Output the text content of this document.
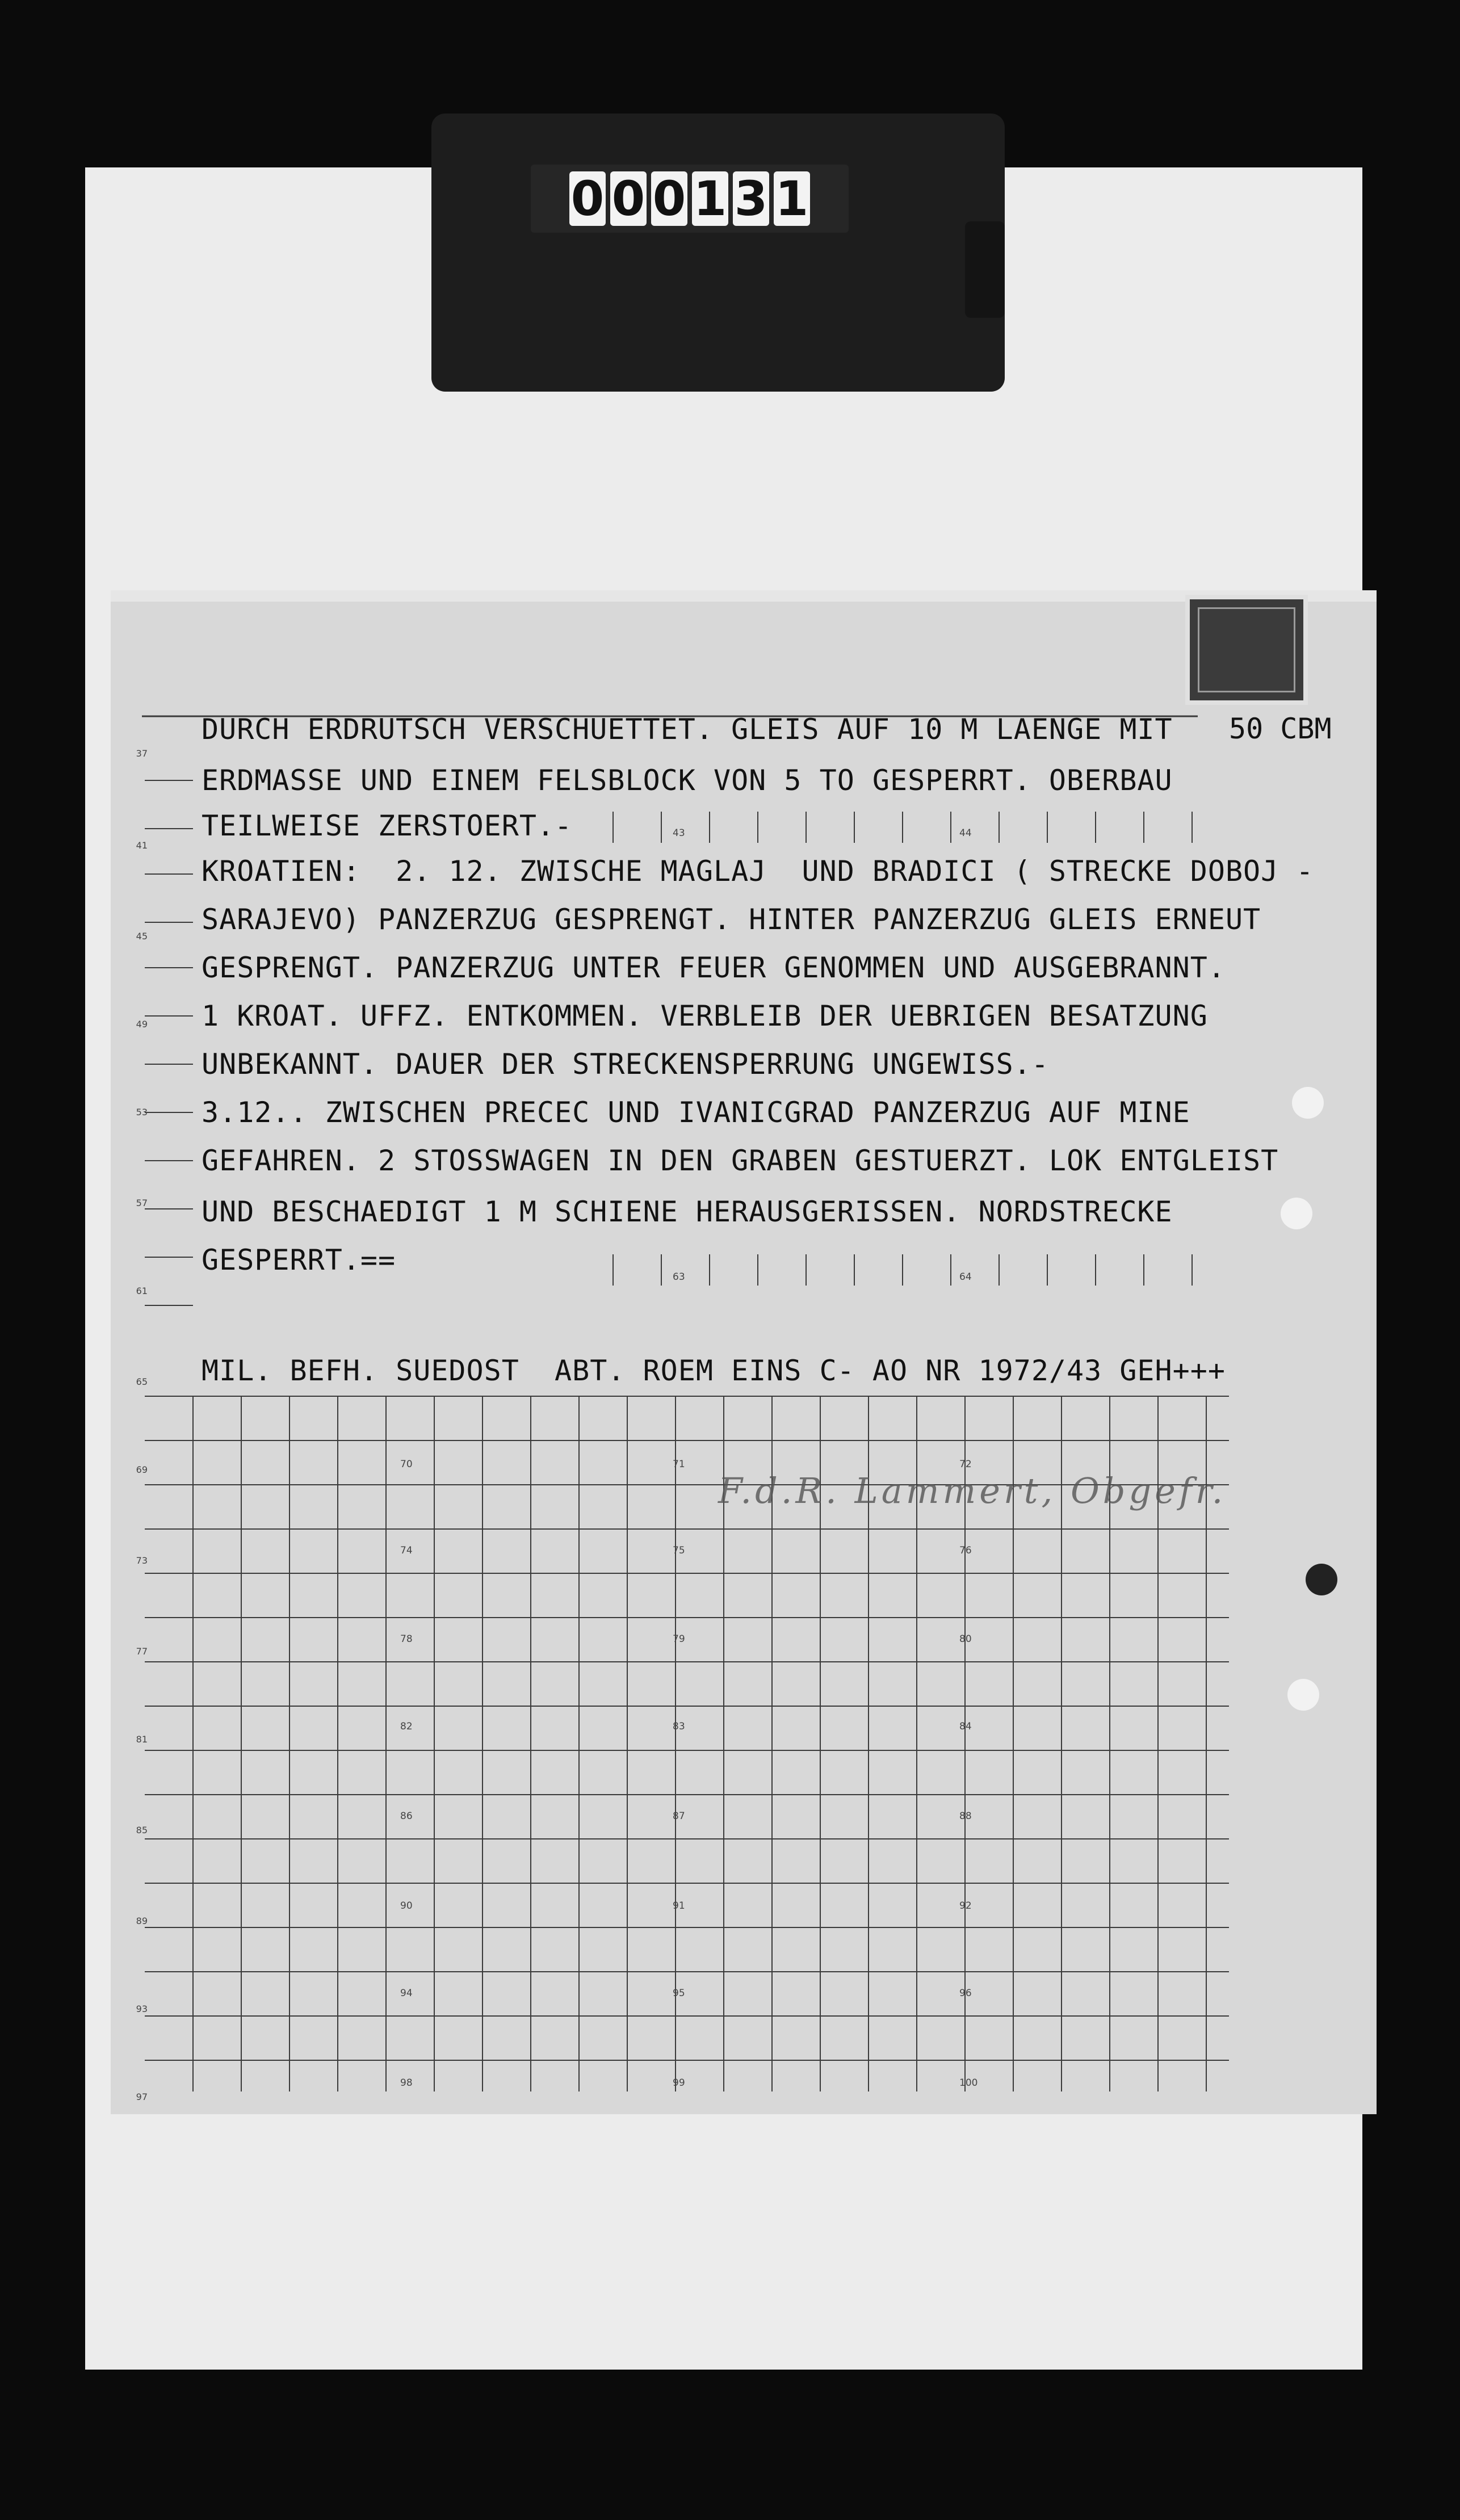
0 0 0 1 3 1
DURCH ERDRUTSCH VERSCHUETTET. GLEIS AUF 10 M LAENGE MIT
ERDMASSE UND EINEM FELSBLOCK VON 5 TO GESPERRT. OBERBAU
TEILWEISE ZERSTOERT.-
KROATIEN:  2. 12. ZWISCHE MAGLAJ  UND BRADICI ( STRECKE DOBOJ -
SARAJEVO) PANZERZUG GESPRENGT. HINTER PANZERZUG GLEIS ERNEUT
GESPRENGT. PANZERZUG UNTER FEUER GENOMMEN UND AUSGEBRANNT.
1 KROAT. UFFZ. ENTKOMMEN. VERBLEIB DER UEBRIGEN BESATZUNG
UNBEKANNT. DAUER DER STRECKENSPERRUNG UNGEWISS.-
3.12.. ZWISCHEN PRECEC UND IVANICGRAD PANZERZUG AUF MINE
GEFAHREN. 2 STOSSWAGEN IN DEN GRABEN GESTUERZT. LOK ENTGLEIST
UND BESCHAEDIGT 1 M SCHIENE HERAUSGERISSEN. NORDSTRECKE
GESPERRT.==
50 CBM
MIL. BEFH. SUEDOST  ABT. ROEM EINS C- AO NR 1972/43 GEH+++
37
41
45
49
53
57
61
65
69
73
77
81
85
89
93
97
43	44
63	64
70	71	72
74	75	76
78	79	80
82	83	84
86	87	88
90	91	92
94	95	96
98	99	100
F.d.R. Lammert, Obgefr.
